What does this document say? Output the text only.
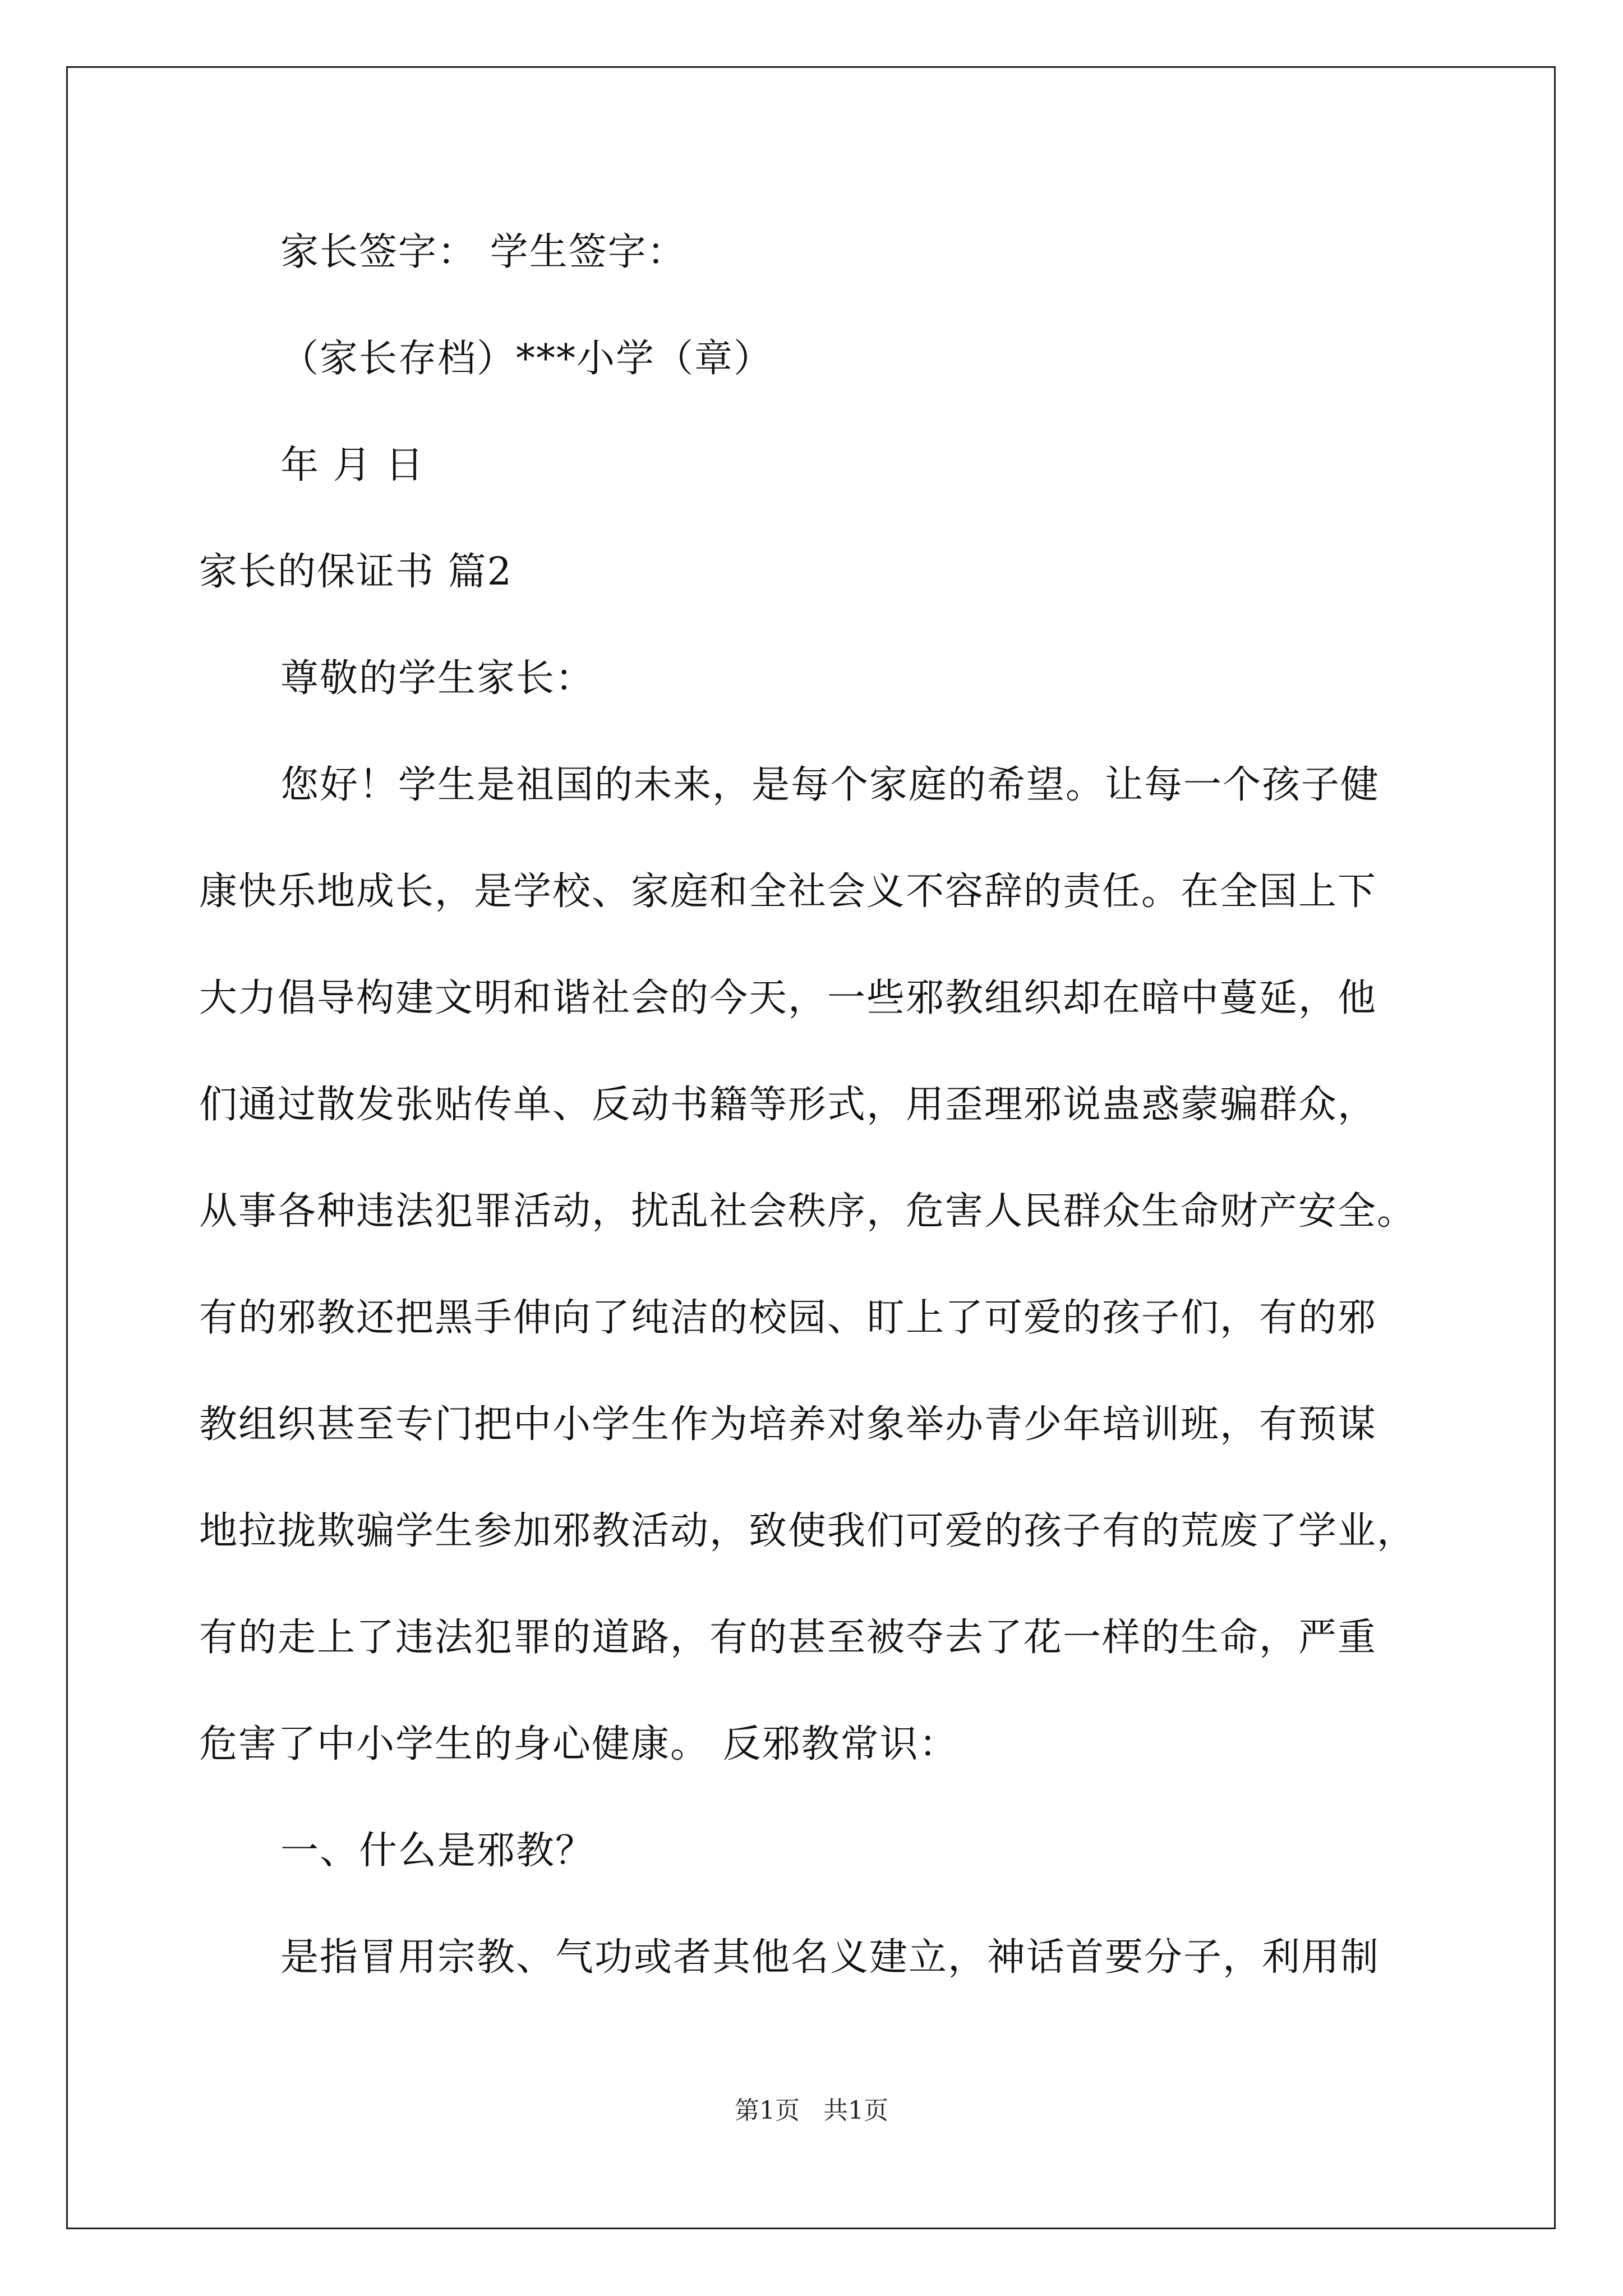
家长签字： 学生签字：
（家长存档）***小学（章）
年 月 日
家长的保证书 篇2
尊敬的学生家长：
您好！学生是祖国的未来，是每个家庭的希望。让每一个孩子健
康快乐地成长，是学校、家庭和全社会义不容辞的责任。在全国上下
大力倡导构建文明和谐社会的今天，一些邪教组织却在暗中蔓延，他
们通过散发张贴传单、反动书籍等形式，用歪理邪说蛊惑蒙骗群众，
从事各种违法犯罪活动，扰乱社会秩序，危害人民群众生命财产安全。
有的邪教还把黑手伸向了纯洁的校园、盯上了可爱的孩子们，有的邪
教组织甚至专门把中小学生作为培养对象举办青少年培训班，有预谋
地拉拢欺骗学生参加邪教活动，致使我们可爱的孩子有的荒废了学业，
有的走上了违法犯罪的道路，有的甚至被夺去了花一样的生命，严重
危害了中小学生的身心健康。 反邪教常识：
一、什么是邪教？
是指冒用宗教、气功或者其他名义建立，神话首要分子，利用制
第1页   共1页
